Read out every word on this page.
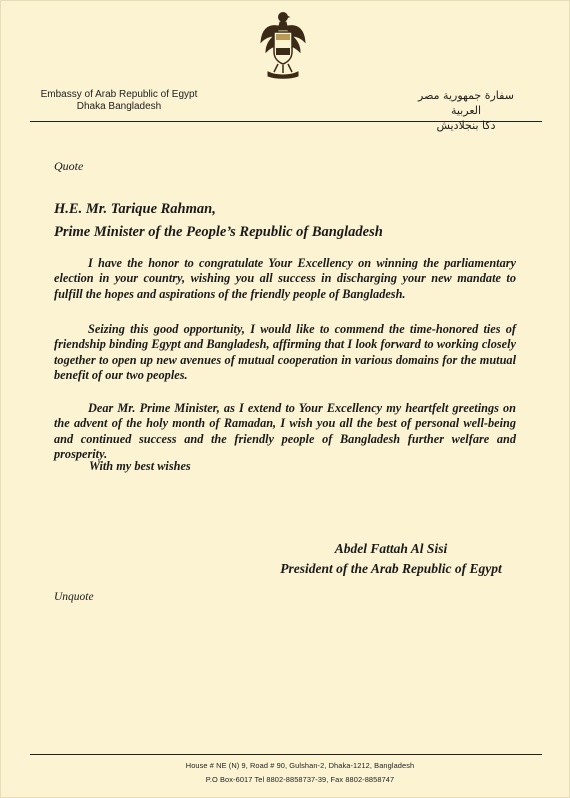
Embassy of Arab Republic of Egypt
Dhaka Bangladesh
سفارة جمهورية مصر العربية
دكا بنجلاديش
Quote
H.E. Mr. Tarique Rahman,
Prime Minister of the People’s Republic of Bangladesh
I have the honor to congratulate Your Excellency on winning the parliamentary election in your country, wishing you all success in discharging your new mandate to fulfill the hopes and aspirations of the friendly people of Bangladesh.
Seizing this good opportunity, I would like to commend the time-honored ties of friendship binding Egypt and Bangladesh, affirming that I look forward to working closely together to open up new avenues of mutual cooperation in various domains for the mutual benefit of our two peoples.
Dear Mr. Prime Minister, as I extend to Your Excellency my heartfelt greetings on the advent of the holy month of Ramadan, I wish you all the best of personal well-being and continued success and the friendly people of Bangladesh further welfare and prosperity.
With my best wishes
Abdel Fattah Al Sisi
President of the Arab Republic of Egypt
Unquote
House # NE (N) 9, Road # 90, Gulshan-2, Dhaka-1212, Bangladesh
P.O Box-6017 Tel 8802-8858737-39, Fax 8802-8858747
